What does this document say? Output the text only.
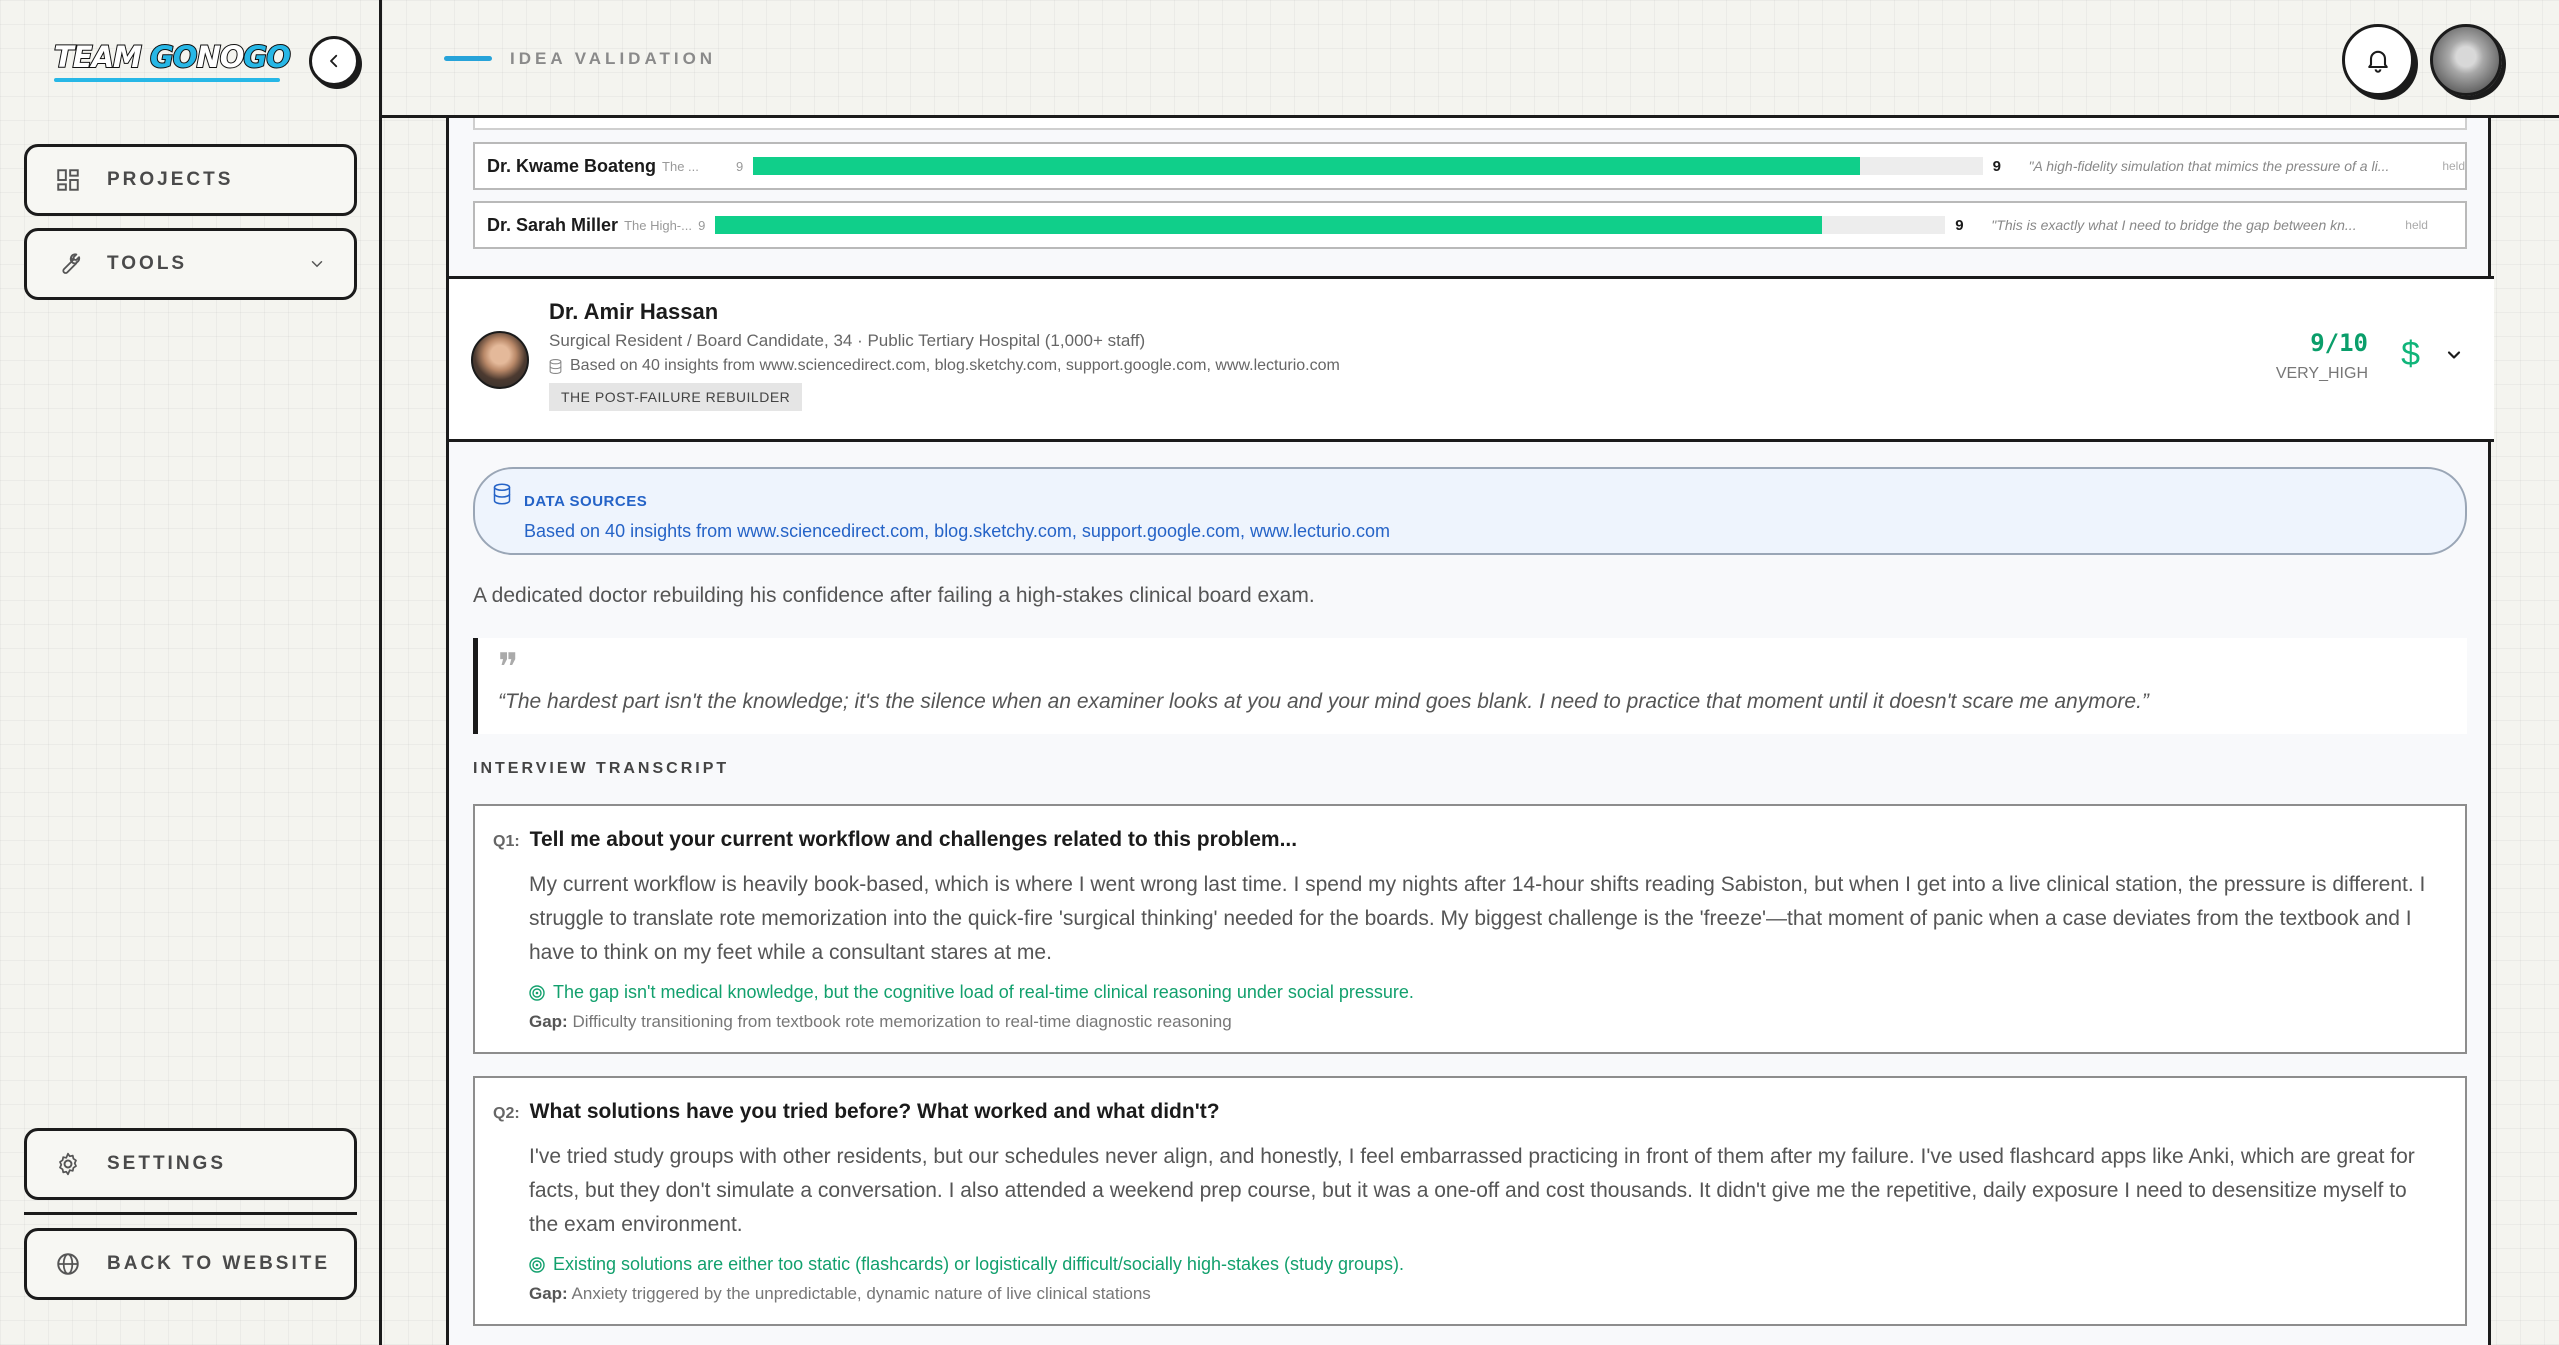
TEAM GONOGO
PROJECTS
TOOLS
SETTINGS
BACK TO WEBSITE
IDEA VALIDATION
Dr. Kwame Boateng The ...	9	9	"A high-fidelity simulation that mimics the pressure of a li...	held
Dr. Sarah Miller The High-... 9	9	"This is exactly what I need to bridge the gap between kn...	held
Dr. Amir Hassan
Surgical Resident / Board Candidate, 34 · Public Tertiary Hospital (1,000+ staff)
Based on 40 insights from www.sciencedirect.com, blog.sketchy.com, support.google.com, www.lecturio.com
THE POST-FAILURE REBUILDER
9/10
VERY_HIGH
$
DATA SOURCES
Based on 40 insights from www.sciencedirect.com, blog.sketchy.com, support.google.com, www.lecturio.com

A dedicated doctor rebuilding his confidence after failing a high-stakes clinical board exam.

❞
“The hardest part isn't the knowledge; it's the silence when an examiner looks at you and your mind goes blank. I need to practice that moment until it doesn't scare me anymore.”
INTERVIEW TRANSCRIPT
Q1: Tell me about your current workflow and challenges related to this problem...
My current workflow is heavily book-based, which is where I went wrong last time. I spend my nights after 14-hour shifts reading Sabiston, but when I get into a live clinical station, the pressure is different. I struggle to translate rote memorization into the quick-fire 'surgical thinking' needed for the boards. My biggest challenge is the 'freeze'—that moment of panic when a case deviates from the textbook and I have to think on my feet while a consultant stares at me.
The gap isn't medical knowledge, but the cognitive load of real-time clinical reasoning under social pressure.
Gap: Difficulty transitioning from textbook rote memorization to real-time diagnostic reasoning
Q2: What solutions have you tried before? What worked and what didn't?
I've tried study groups with other residents, but our schedules never align, and honestly, I feel embarrassed practicing in front of them after my failure. I've used flashcard apps like Anki, which are great for facts, but they don't simulate a conversation. I also attended a weekend prep course, but it was a one-off and cost thousands. It didn't give me the repetitive, daily exposure I need to desensitize myself to the exam environment.
Existing solutions are either too static (flashcards) or logistically difficult/socially high-stakes (study groups).
Gap: Anxiety triggered by the unpredictable, dynamic nature of live clinical stations
